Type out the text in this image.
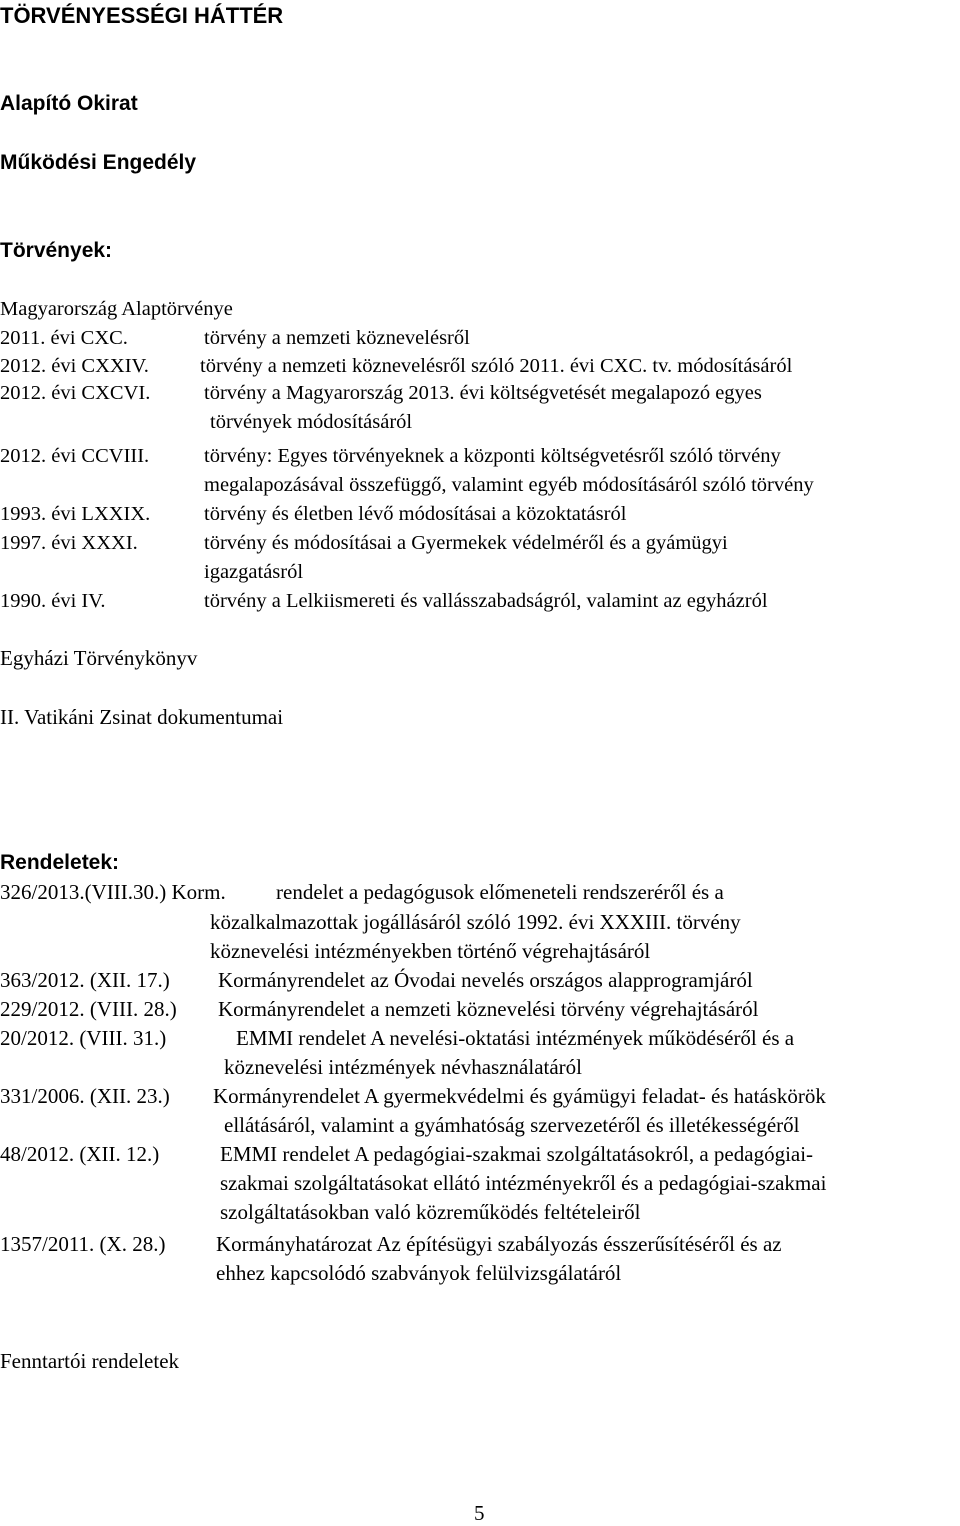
TÖRVÉNYESSÉGI HÁTTÉR
Alapító Okirat
Működési Engedély
Törvények:
Magyarország Alaptörvénye
2011. évi CXC.	törvény a nemzeti köznevelésről
2012. évi CXXIV. törvény a nemzeti köznevelésről szóló 2011. évi CXC. tv. módosításáról
2012. évi CXCVI.	törvény a Magyarország 2013. évi költségvetését megalapozó egyes
törvények módosításáról
2012. évi CCVIII.	törvény: Egyes törvényeknek a központi költségvetésről szóló törvény
megalapozásával összefüggő, valamint egyéb módosításáról szóló törvény
1993. évi LXXIX.	törvény és életben lévő módosításai a közoktatásról
1997. évi XXXI.	törvény és módosításai a Gyermekek védelméről és a gyámügyi
igazgatásról
1990. évi IV.	törvény a Lelkiismereti és vallásszabadságról, valamint az egyházról
Egyházi Törvénykönyv
II. Vatikáni Zsinat dokumentumai
Rendeletek:
326/2013.(VIII.30.) Korm. rendelet a pedagógusok előmeneteli rendszeréről és a
közalkalmazottak jogállásáról szóló 1992. évi XXXIII. törvény
köznevelési intézményekben történő végrehajtásáról
363/2012. (XII. 17.) Kormányrendelet az Óvodai nevelés országos alapprogramjáról
229/2012. (VIII. 28.) Kormányrendelet a nemzeti köznevelési törvény végrehajtásáról
20/2012. (VIII. 31.)	EMMI rendelet A nevelési-oktatási intézmények működéséről és a
köznevelési intézmények névhasználatáról
331/2006. (XII. 23.) Kormányrendelet A gyermekvédelmi és gyámügyi feladat- és hatáskörök
ellátásáról, valamint a gyámhatóság szervezetéről és illetékességéről
48/2012. (XII. 12.)	EMMI rendelet A pedagógiai-szakmai szolgáltatásokról, a pedagógiai-
szakmai szolgáltatásokat ellátó intézményekről és a pedagógiai-szakmai
szolgáltatásokban való közreműködés feltételeiről
1357/2011. (X. 28.) Kormányhatározat Az építésügyi szabályozás ésszerűsítéséről és az
ehhez kapcsolódó szabványok felülvizsgálatáról
Fenntartói rendeletek
5
